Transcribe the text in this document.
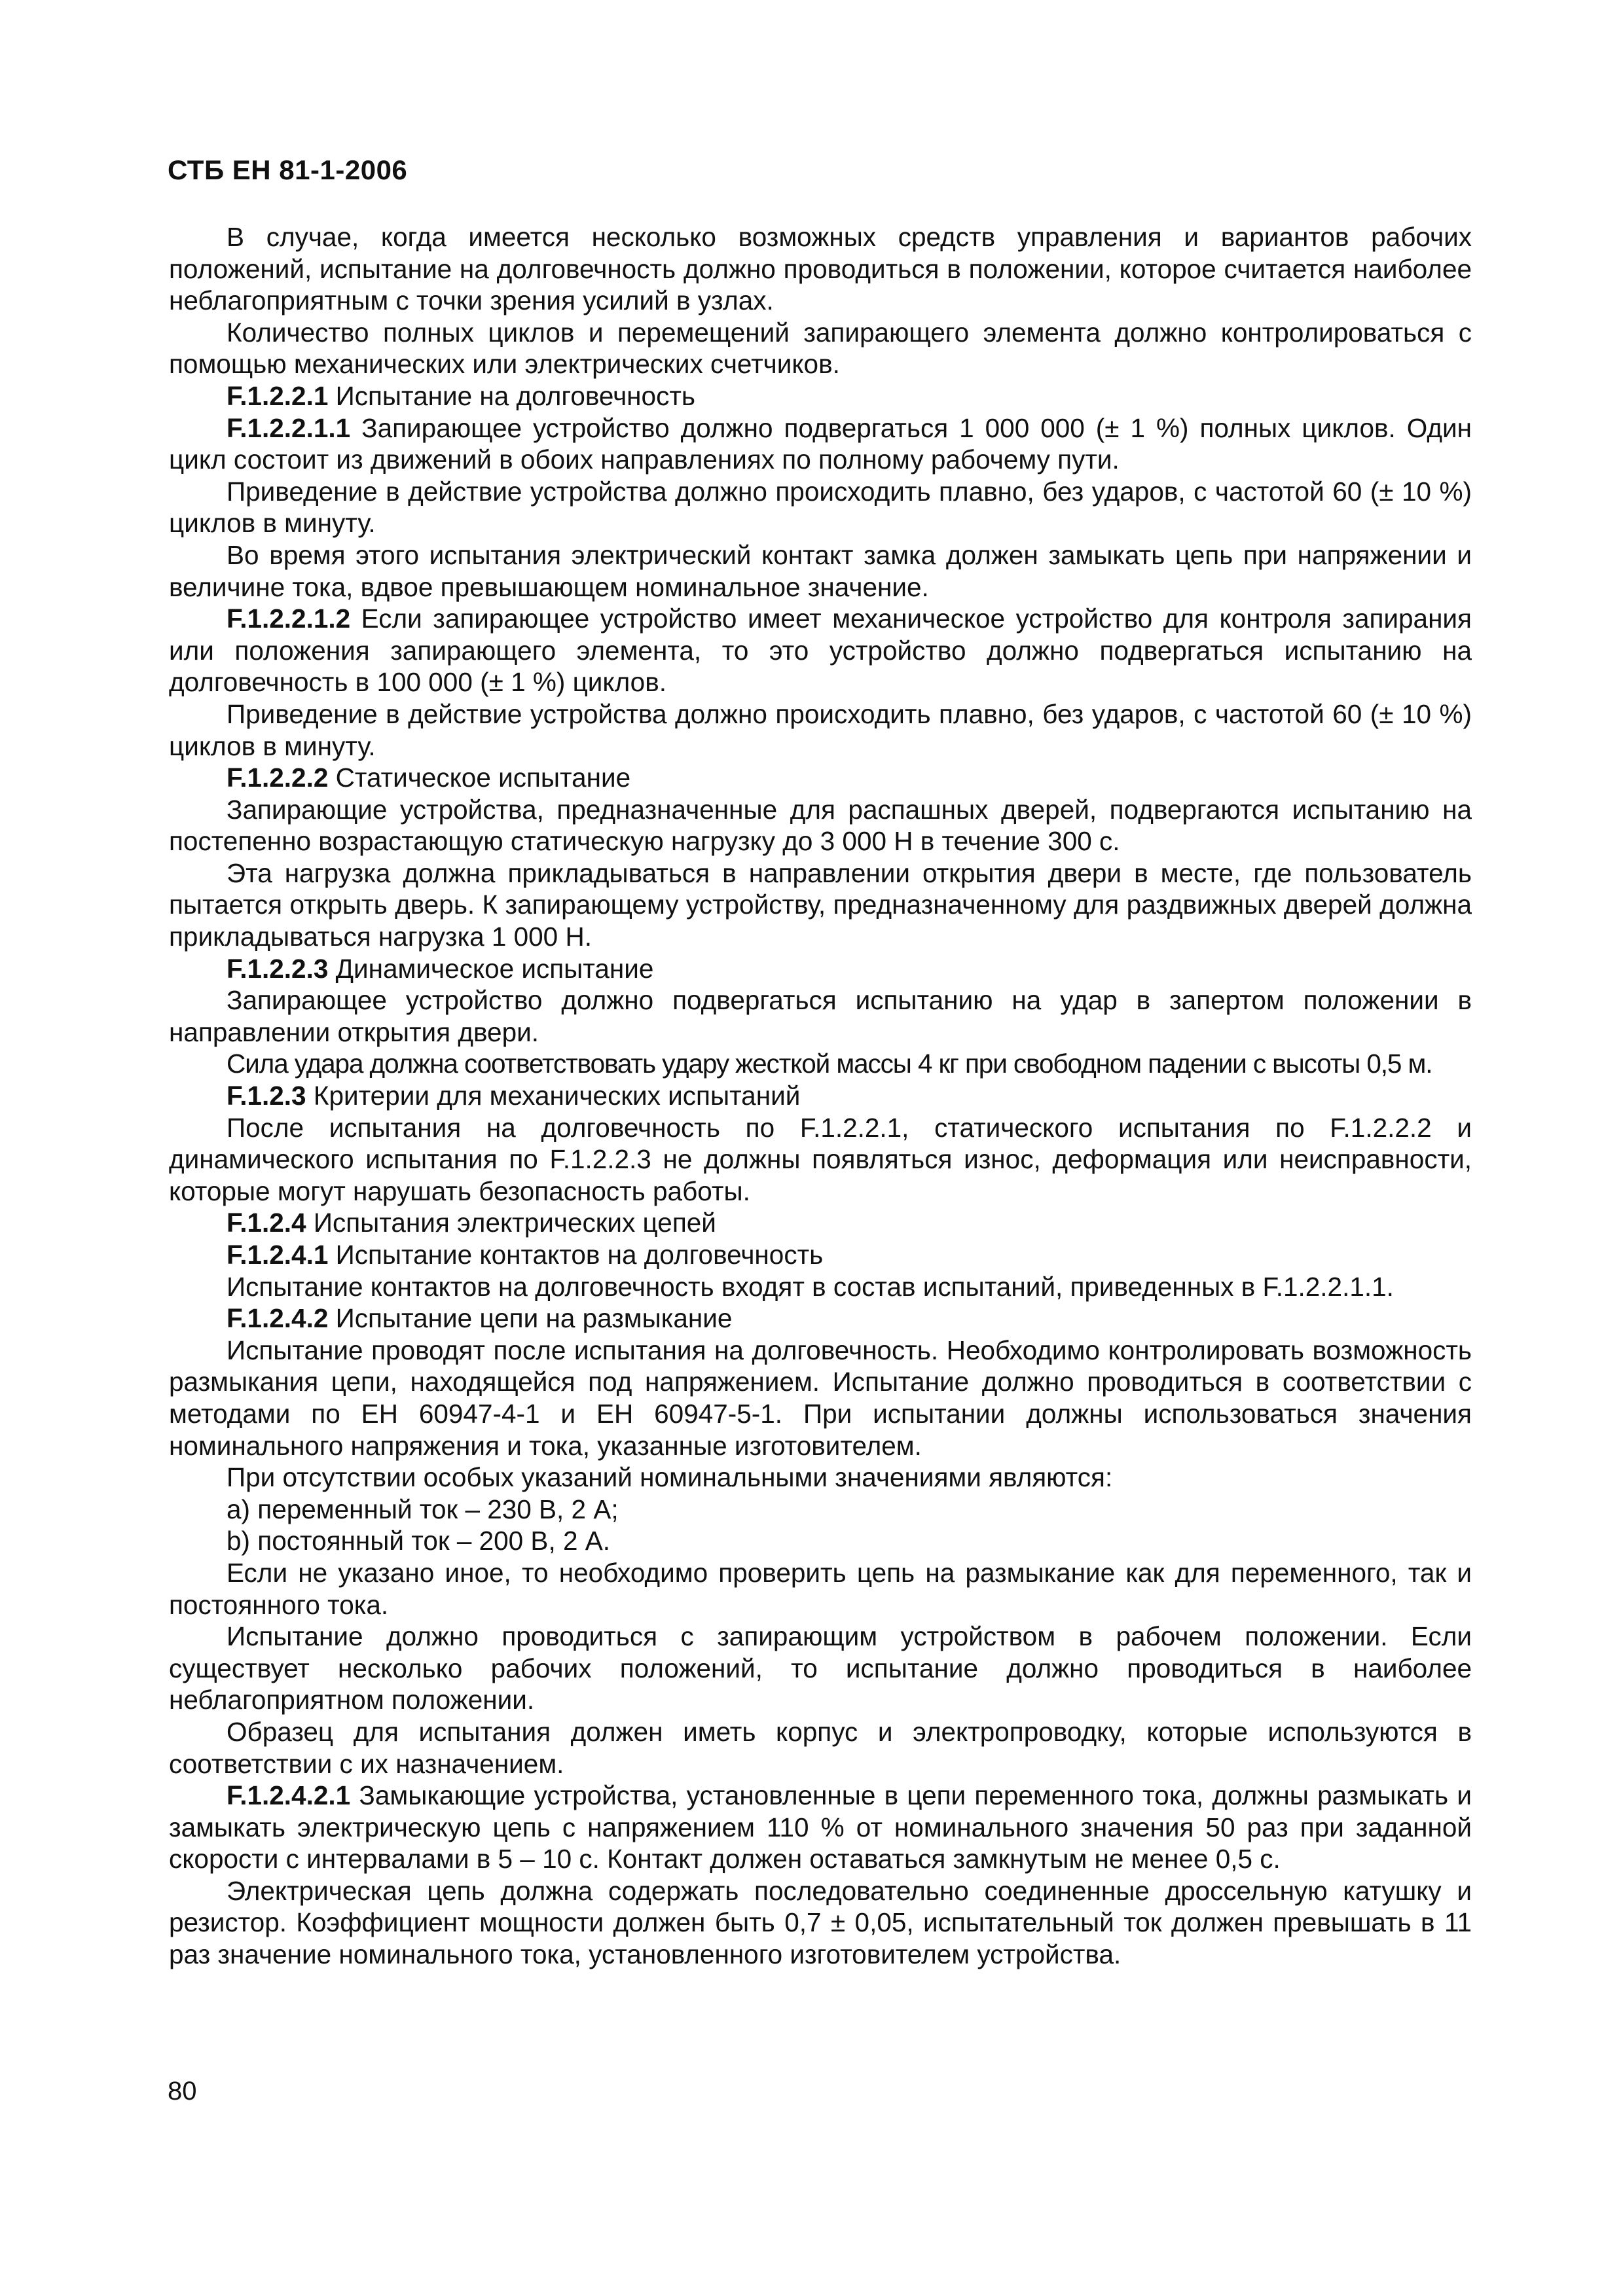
СТБ ЕН 81-1-2006

В случае, когда имеется несколько возможных средств управления и вариантов рабочих положений, испытание на долговечность должно проводиться в положении, которое считается наиболее неблагоприятным с точки зрения усилий в узлах.

Количество полных циклов и перемещений запирающего элемента должно контролироваться с помощью механических или электрических счетчиков.

F.1.2.2.1 Испытание на долговечность

F.1.2.2.1.1 Запирающее устройство должно подвергаться 1 000 000 (± 1 %) полных циклов. Один цикл состоит из движений в обоих направлениях по полному рабочему пути.

Приведение в действие устройства должно происходить плавно, без ударов, с частотой 60 (± 10 %) циклов в минуту.

Во время этого испытания электрический контакт замка должен замыкать цепь при напряжении и величине тока, вдвое превышающем номинальное значение.

F.1.2.2.1.2 Если запирающее устройство имеет механическое устройство для контроля запирания или положения запирающего элемента, то это устройство должно подвергаться испытанию на долговечность в 100 000 (± 1 %) циклов.

Приведение в действие устройства должно происходить плавно, без ударов, с частотой 60 (± 10 %) циклов в минуту.

F.1.2.2.2 Статическое испытание

Запирающие устройства, предназначенные для распашных дверей, подвергаются испытанию на постепенно возрастающую статическую нагрузку до 3 000 Н в течение 300 с.

Эта нагрузка должна прикладываться в направлении открытия двери в месте, где пользователь пытается открыть дверь. К запирающему устройству, предназначенному для раздвижных дверей должна прикладываться нагрузка 1 000 Н.

F.1.2.2.3 Динамическое испытание

Запирающее устройство должно подвергаться испытанию на удар в запертом положении в направлении открытия двери.

Сила удара должна соответствовать удару жесткой массы 4 кг при свободном падении с высоты 0,5 м.

F.1.2.3 Критерии для механических испытаний

После испытания на долговечность по F.1.2.2.1, статического испытания по F.1.2.2.2 и динамического испытания по F.1.2.2.3 не должны появляться износ, деформация или неисправности, которые могут нарушать безопасность работы.

F.1.2.4 Испытания электрических цепей

F.1.2.4.1 Испытание контактов на долговечность

Испытание контактов на долговечность входят в состав испытаний, приведенных в F.1.2.2.1.1.

F.1.2.4.2 Испытание цепи на размыкание

Испытание проводят после испытания на долговечность. Необходимо контролировать возможность размыкания цепи, находящейся под напряжением. Испытание должно проводиться в соответствии с методами по ЕН 60947-4-1 и ЕН 60947-5-1. При испытании должны использоваться значения номинального напряжения и тока, указанные изготовителем.

При отсутствии особых указаний номинальными значениями являются:

a) переменный ток – 230 В, 2 А;

b) постоянный ток – 200 В, 2 А.

Если не указано иное, то необходимо проверить цепь на размыкание как для переменного, так и постоянного тока.

Испытание должно проводиться с запирающим устройством в рабочем положении. Если существует несколько рабочих положений, то испытание должно проводиться в наиболее неблагоприятном положении.

Образец для испытания должен иметь корпус и электропроводку, которые используются в соответствии с их назначением.

F.1.2.4.2.1 Замыкающие устройства, установленные в цепи переменного тока, должны размыкать и замыкать электрическую цепь с напряжением 110 % от номинального значения 50 раз при заданной скорости с интервалами в 5 – 10 с. Контакт должен оставаться замкнутым не менее 0,5 с.

Электрическая цепь должна содержать последовательно соединенные дроссельную катушку и резистор. Коэффициент мощности должен быть 0,7 ± 0,05, испытательный ток должен превышать в 11 раз значение номинального тока, установленного изготовителем устройства.

80
